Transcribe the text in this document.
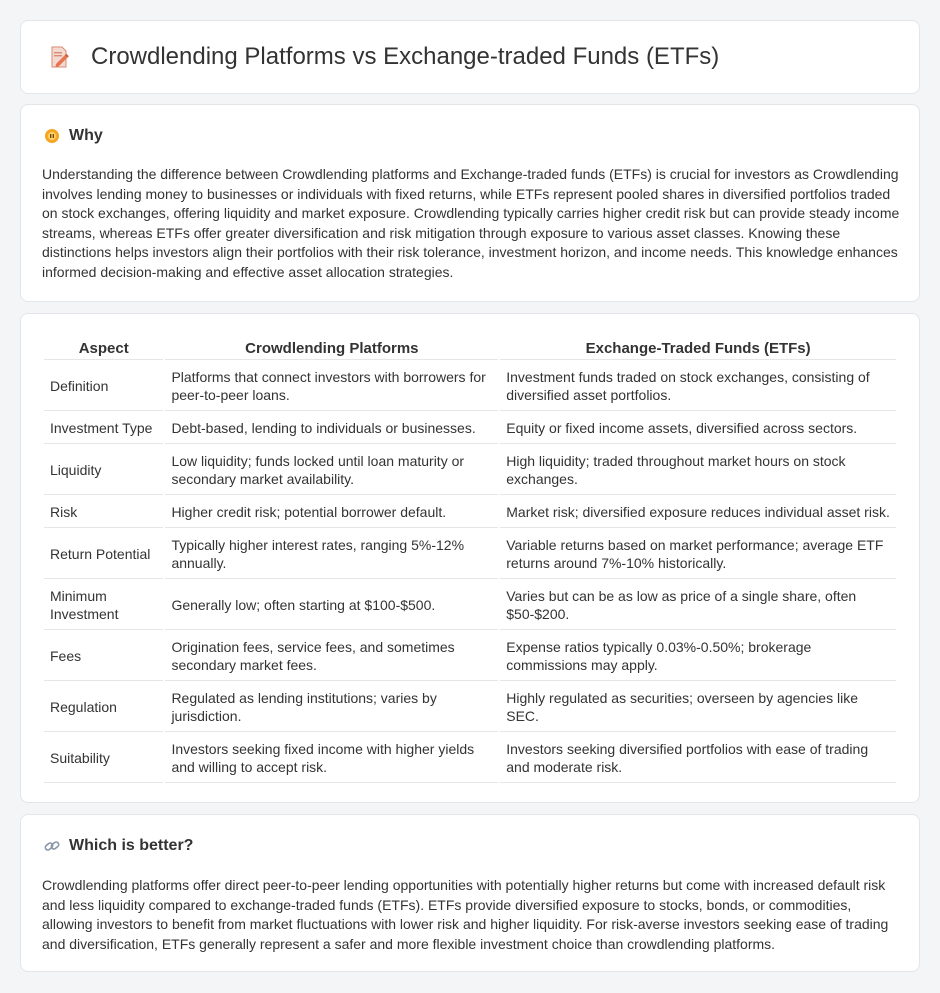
Crowdlending Platforms vs Exchange-traded Funds (ETFs)
Why

Understanding the difference between Crowdlending platforms and Exchange-traded funds (ETFs) is crucial for investors as Crowdlending involves lending money to businesses or individuals with fixed returns, while ETFs represent pooled shares in diversified portfolios traded on stock exchanges, offering liquidity and market exposure. Crowdlending typically carries higher credit risk but can provide steady income streams, whereas ETFs offer greater diversification and risk mitigation through exposure to various asset classes. Knowing these distinctions helps investors align their portfolios with their risk tolerance, investment horizon, and income needs. This knowledge enhances informed decision-making and effective asset allocation strategies.

Aspect	Crowdlending Platforms	Exchange-Traded Funds (ETFs)
Definition	Platforms that connect investors with borrowers for peer-to-peer loans.	Investment funds traded on stock exchanges, consisting of diversified asset portfolios.
Investment Type	Debt-based, lending to individuals or businesses.	Equity or fixed income assets, diversified across sectors.
Liquidity	Low liquidity; funds locked until loan maturity or secondary market availability.	High liquidity; traded throughout market hours on stock exchanges.
Risk	Higher credit risk; potential borrower default.	Market risk; diversified exposure reduces individual asset risk.
Return Potential	Typically higher interest rates, ranging 5%-12% annually.	Variable returns based on market performance; average ETF returns around 7%-10% historically.
Minimum Investment	Generally low; often starting at $100-$500.	Varies but can be as low as price of a single share, often $50-$200.
Fees	Origination fees, service fees, and sometimes secondary market fees.	Expense ratios typically 0.03%-0.50%; brokerage commissions may apply.
Regulation	Regulated as lending institutions; varies by jurisdiction.	Highly regulated as securities; overseen by agencies like SEC.
Suitability	Investors seeking fixed income with higher yields and willing to accept risk.	Investors seeking diversified portfolios with ease of trading and moderate risk.
Which is better?

Crowdlending platforms offer direct peer-to-peer lending opportunities with potentially higher returns but come with increased default risk and less liquidity compared to exchange-traded funds (ETFs). ETFs provide diversified exposure to stocks, bonds, or commodities, allowing investors to benefit from market fluctuations with lower risk and higher liquidity. For risk-averse investors seeking ease of trading and diversification, ETFs generally represent a safer and more flexible investment choice than crowdlending platforms.
